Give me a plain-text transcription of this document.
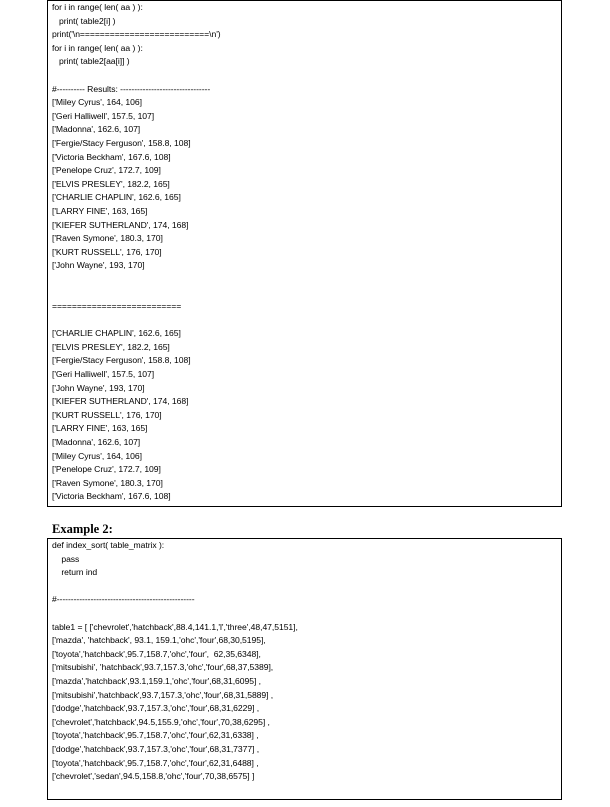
for i in range( len( aa ) ):
print( table2[i] )
print('\n==========================\n')
for i in range( len( aa ) ):
print( table2[aa[i]] )
#---------- Results: --------------------------------
['Miley Cyrus', 164, 106]
['Geri Halliwell', 157.5, 107]
['Madonna', 162.6, 107]
['Fergie/Stacy Ferguson', 158.8, 108]
['Victoria Beckham', 167.6, 108]
['Penelope Cruz', 172.7, 109]
['ELVIS PRESLEY', 182.2, 165]
['CHARLIE CHAPLIN', 162.6, 165]
['LARRY FINE', 163, 165]
['KIEFER SUTHERLAND', 174, 168]
['Raven Symone', 180.3, 170]
['KURT RUSSELL', 176, 170]
['John Wayne', 193, 170]
==========================
['CHARLIE CHAPLIN', 162.6, 165]
['ELVIS PRESLEY', 182.2, 165]
['Fergie/Stacy Ferguson', 158.8, 108]
['Geri Halliwell', 157.5, 107]
['John Wayne', 193, 170]
['KIEFER SUTHERLAND', 174, 168]
['KURT RUSSELL', 176, 170]
['LARRY FINE', 163, 165]
['Madonna', 162.6, 107]
['Miley Cyrus', 164, 106]
['Penelope Cruz', 172.7, 109]
['Raven Symone', 180.3, 170]
['Victoria Beckham', 167.6, 108]
Example 2:
def index_sort( table_matrix ):
pass
return ind
#-------------------------------------------------
table1 = [ ['chevrolet','hatchback',88.4,141.1,'l','three',48,47,5151],
['mazda', 'hatchback', 93.1, 159.1,'ohc','four',68,30,5195],
['toyota','hatchback',95.7,158.7,'ohc','four',  62,35,6348],
['mitsubishi', 'hatchback',93.7,157.3,'ohc','four',68,37,5389],
['mazda','hatchback',93.1,159.1,'ohc','four',68,31,6095] ,
['mitsubishi','hatchback',93.7,157.3,'ohc','four',68,31,5889] ,
['dodge','hatchback',93.7,157.3,'ohc','four',68,31,6229] ,
['chevrolet','hatchback',94.5,155.9,'ohc','four',70,38,6295] ,
['toyota','hatchback',95.7,158.7,'ohc','four',62,31,6338] ,
['dodge','hatchback',93.7,157.3,'ohc','four',68,31,7377] ,
['toyota','hatchback',95.7,158.7,'ohc','four',62,31,6488] ,
['chevrolet','sedan',94.5,158.8,'ohc','four',70,38,6575] ]
